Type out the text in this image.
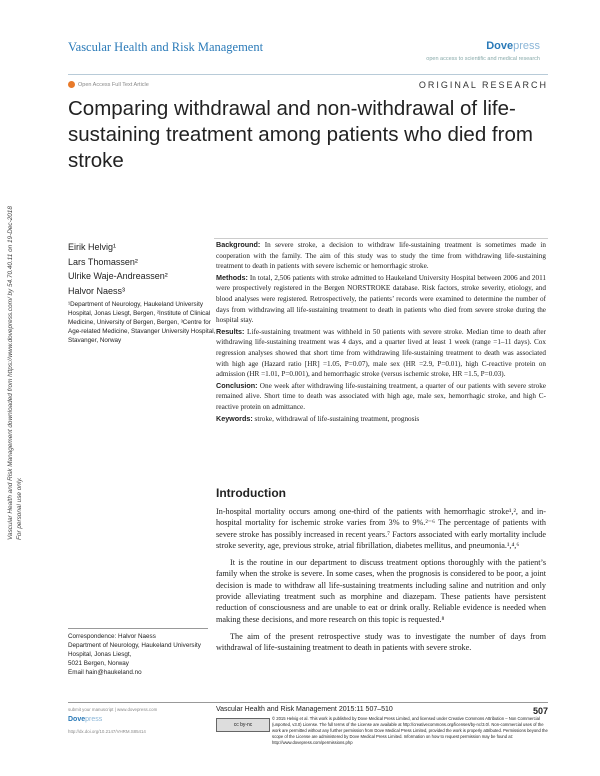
Vascular Health and Risk Management	Dovepress
open access to scientific and medical research
Open Access Full Text Article	ORIGINAL RESEARCH
Comparing withdrawal and non-withdrawal of life-sustaining treatment among patients who died from stroke
Vascular Health and Risk Management downloaded from https://www.dovepress.com/ by 54.70.40.11 on 19-Dec-2018 For personal use only.
Eirik Helvig¹
Lars Thomassen²
Ulrike Waje-Andreassen²
Halvor Naess³
¹Department of Neurology, Haukeland University Hospital, Jonas Liesgt, Bergen, ²Institute of Clinical Medicine, University of Bergen, Bergen, ³Centre for Age-related Medicine, Stavanger University Hospital, Stavanger, Norway

Background: In severe stroke, a decision to withdraw life-sustaining treatment is sometimes made in cooperation with the family. The aim of this study was to study the time from withdrawing life-sustaining treatment to death in patients with severe ischemic or hemorrhagic stroke.

Methods: In total, 2,506 patients with stroke admitted to Haukeland University Hospital between 2006 and 2011 were prospectively registered in the Bergen NORSTROKE database. Risk factors, stroke severity, etiology, and blood analyses were registered. Retrospectively, the patients’ records were examined to determine the number of days from withdrawing all life-sustaining treatment to death in patients who died from severe stroke during the hospital stay.

Results: Life-sustaining treatment was withheld in 50 patients with severe stroke. Median time to death after withdrawing life-sustaining treatment was 4 days, and a quarter lived at least 1 week (range =1–11 days). Cox regression analyses showed that short time from withdrawing life-sustaining treatment to death was associated with high age (Hazard ratio [HR] =1.05, P=0.07), male sex (HR =2.9, P=0.01), high C-reactive protein on admission (HR =1.01, P=0.001), and hemorrhagic stroke (versus ischemic stroke, HR =1.5, P=0.03).

Conclusion: One week after withdrawing life-sustaining treatment, a quarter of our patients with severe stroke remained alive. Short time to death was associated with high age, male sex, hemorrhagic stroke, and high C-reactive protein on admittance.

Keywords: stroke, withdrawal of life-sustaining treatment, prognosis

Introduction

In-hospital mortality occurs among one-third of the patients with hemorrhagic stroke¹,², and in-hospital mortality for ischemic stroke varies from 3% to 9%.²⁻⁶ The percentage of patients with severe stroke has possibly increased in recent years.⁷ Factors associated with early mortality include stroke severity, age, previous stroke, atrial fibrillation, diabetes mellitus, and pneumonia.¹,⁴,⁶

It is the routine in our department to discuss treatment options thoroughly with the patient’s family when the stroke is severe. In some cases, when the prognosis is considered to be poor, a joint decision is made to withdraw all life-sustaining treatments including saline and nutrition and only provide alleviating treatment such as morphine and diazepam. These patients have persistent reduction of consciousness and are unable to eat or drink orally. Reliable evidence is needed when making these decisions, and more research on this topic is requested.⁸

The aim of the present retrospective study was to investigate the number of days from withdrawal of life-sustaining treatment to death in patients with severe stroke.

Correspondence: Halvor Naess
Department of Neurology, Haukeland University Hospital, Jonas Liesgt,
5021 Bergen, Norway
Email hain@haukeland.no
submit your manuscript | www.dovepress.com
Dovepress
http://dx.doi.org/10.2147/VHRM.S85414
Vascular Health and Risk Management 2015:11 507–510	507
cc by-nc
© 2015 Helvig et al. This work is published by Dove Medical Press Limited, and licensed under Creative Commons Attribution – Non Commercial (unported, v3.0) License. The full terms of the License are available at http://creativecommons.org/licenses/by-nc/3.0/. Non-commercial uses of the work are permitted without any further permission from Dove Medical Press Limited, provided the work is properly attributed. Permissions beyond the scope of the License are administered by Dove Medical Press Limited. Information on how to request permission may be found at: http://www.dovepress.com/permissions.php
